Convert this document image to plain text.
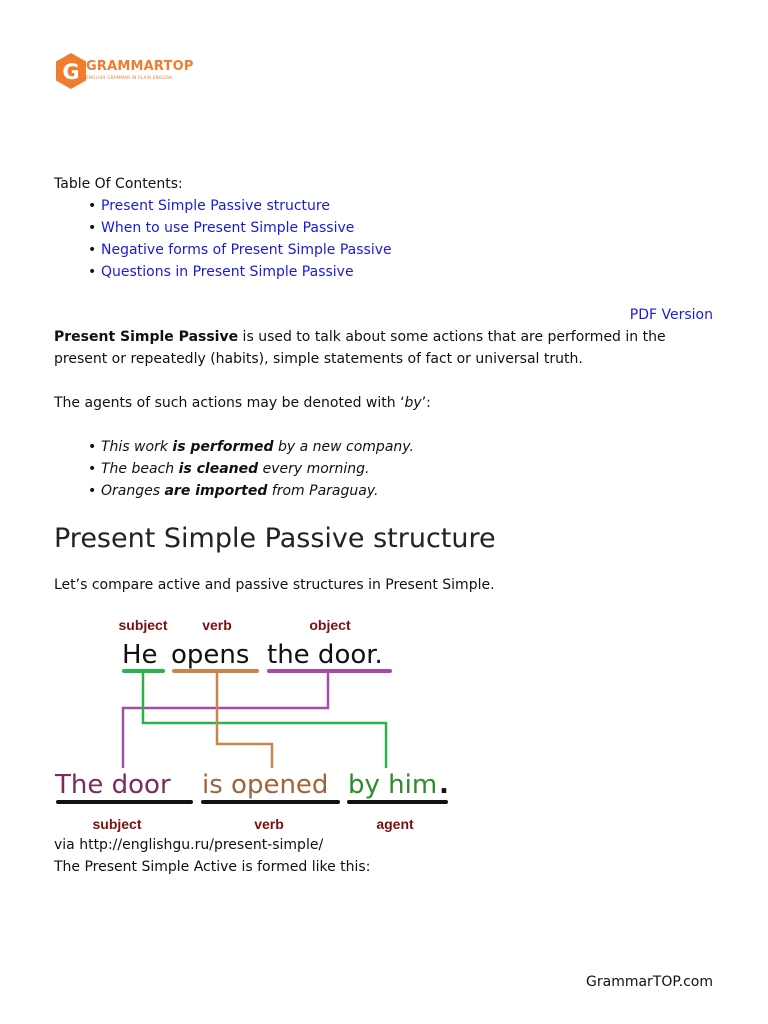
G GRAMMARTOP
ENGLISH GRAMMAR IN PLAIN ENGLISH
Table Of Contents:
• Present Simple Passive structure
• When to use Present Simple Passive
• Negative forms of Present Simple Passive
• Questions in Present Simple Passive
PDF Version
Present Simple Passive is used to talk about some actions that are performed in the present or repeatedly (habits), simple statements of fact or universal truth.
The agents of such actions may be denoted with ‘by’:
• This work is performed by a new company.
• The beach is cleaned every morning.
• Oranges are imported from Paraguay.
Present Simple Passive structure
Let’s compare active and passive structures in Present Simple.
subject verb	object
He opens the door.
The door is opened by him .
subject	verb	agent
via http://englishgu.ru/present-simple/
The Present Simple Active is formed like this:
GrammarTOP.com
